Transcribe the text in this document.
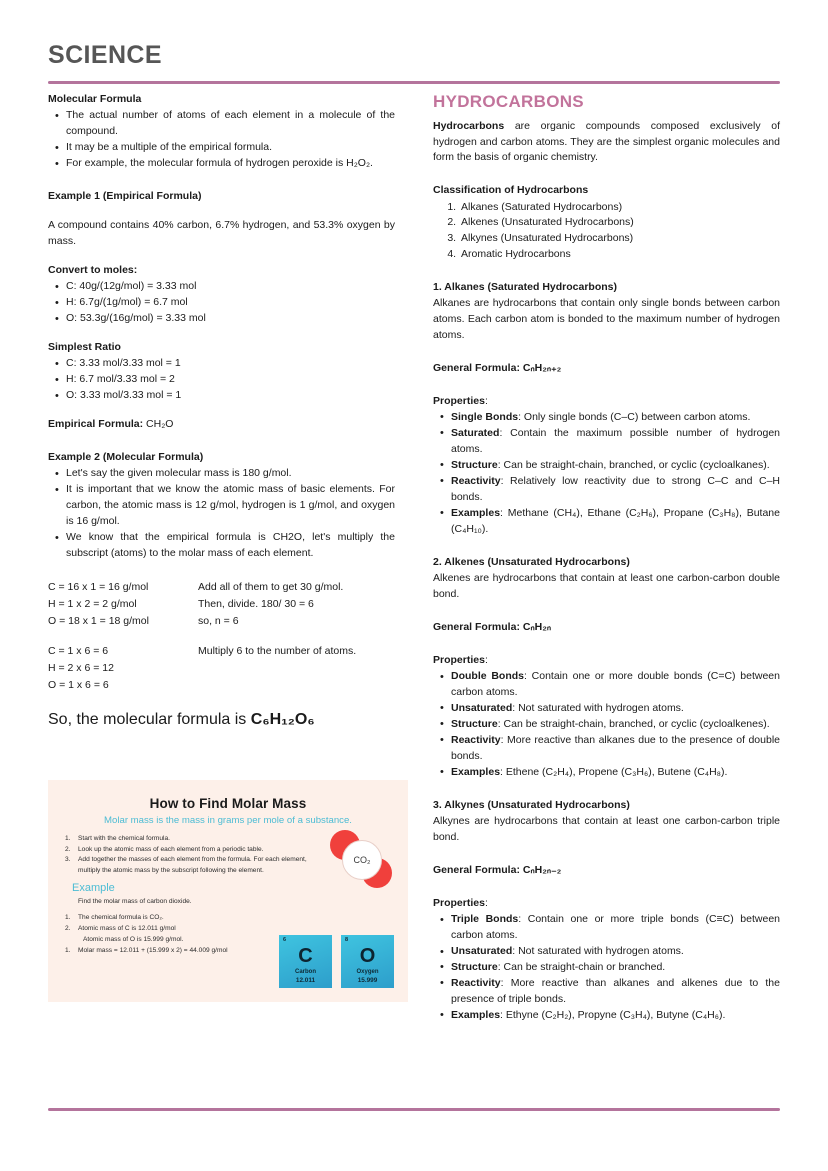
SCIENCE
Molecular Formula
• The actual number of atoms of each element in a molecule of the compound.
• It may be a multiple of the empirical formula.
• For example, the molecular formula of hydrogen peroxide is H₂O₂.
Example 1 (Empirical Formula)

A compound contains 40% carbon, 6.7% hydrogen, and 53.3% oxygen by mass.

Convert to moles:
• C: 40g/(12g/mol) = 3.33 mol
• H: 6.7g/(1g/mol) = 6.7 mol
• O: 53.3g/(16g/mol) = 3.33 mol
Simplest Ratio
• C: 3.33 mol/3.33 mol = 1
• H: 6.7 mol/3.33 mol = 2
• O: 3.33 mol/3.33 mol = 1
Empirical Formula: CH₂O
Example 2 (Molecular Formula)
• Let's say the given molecular mass is 180 g/mol.
• It is important that we know the atomic mass of basic elements. For carbon, the atomic mass is 12 g/mol, hydrogen is 1 g/mol, and oxygen is 16 g/mol.
• We know that the empirical formula is CH2O, let's multiply the subscript (atoms) to the molar mass of each element.
C = 16 x 1 = 16 g/mol
H = 1 x 2 = 2 g/mol
O = 18 x 1 = 18 g/mol
Add all of them to get 30 g/mol.
Then, divide. 180/ 30 = 6
so, n = 6
C = 1 x 6 = 6
H = 2 x 6 = 12
O = 1 x 6 = 6
Multiply 6 to the number of atoms.
So, the molecular formula is C₆H₁₂O₆
HYDROCARBONS

Hydrocarbons are organic compounds composed exclusively of hydrogen and carbon atoms. They are the simplest organic molecules and form the basis of organic chemistry.

Classification of Hydrocarbons
1. Alkanes (Saturated Hydrocarbons)
2. Alkenes (Unsaturated Hydrocarbons)
3. Alkynes (Unsaturated Hydrocarbons)
4. Aromatic Hydrocarbons
1. Alkanes (Saturated Hydrocarbons)

Alkanes are hydrocarbons that contain only single bonds between carbon atoms. Each carbon atom is bonded to the maximum number of hydrogen atoms.

General Formula: CₙH₂ₙ₊₂
Properties:
• Single Bonds: Only single bonds (C–C) between carbon atoms.
• Saturated: Contain the maximum possible number of hydrogen atoms.
• Structure: Can be straight-chain, branched, or cyclic (cycloalkanes).
• Reactivity: Relatively low reactivity due to strong C–C and C–H bonds.
• Examples: Methane (CH₄), Ethane (C₂H₆), Propane (C₃H₈), Butane (C₄H₁₀).
2. Alkenes (Unsaturated Hydrocarbons)

Alkenes are hydrocarbons that contain at least one carbon-carbon double bond.

General Formula: CₙH₂ₙ
Properties:
• Double Bonds: Contain one or more double bonds (C=C) between carbon atoms.
• Unsaturated: Not saturated with hydrogen atoms.
• Structure: Can be straight-chain, branched, or cyclic (cycloalkenes).
• Reactivity: More reactive than alkanes due to the presence of double bonds.
• Examples: Ethene (C₂H₄), Propene (C₃H₆), Butene (C₄H₈).
3. Alkynes (Unsaturated Hydrocarbons)

Alkynes are hydrocarbons that contain at least one carbon-carbon triple bond.

General Formula: CₙH₂ₙ₋₂
Properties:
• Triple Bonds: Contain one or more triple bonds (C≡C) between carbon atoms.
• Unsaturated: Not saturated with hydrogen atoms.
• Structure: Can be straight-chain or branched.
• Reactivity: More reactive than alkanes and alkenes due to the presence of triple bonds.
• Examples: Ethyne (C₂H₂), Propyne (C₃H₄), Butyne (C₄H₆).
How to Find Molar Mass
Molar mass is the mass in grams per mole of a substance.
1. Start with the chemical formula.
2. Look up the atomic mass of each element from a periodic table.
3. Add together the masses of each element from the formula. For each element, multiply the atomic mass by the subscript following the element.
Example
Find the molar mass of carbon dioxide.
1. The chemical formula is CO₂.
2. Atomic mass of C is 12.011 g/mol
Atomic mass of O is 15.999 g/mol.
1. Molar mass = 12.011 + (15.999 x 2) = 44.009 g/mol
CO₂
6
C
Carbon
12.011
8
O
Oxygen
15.999
